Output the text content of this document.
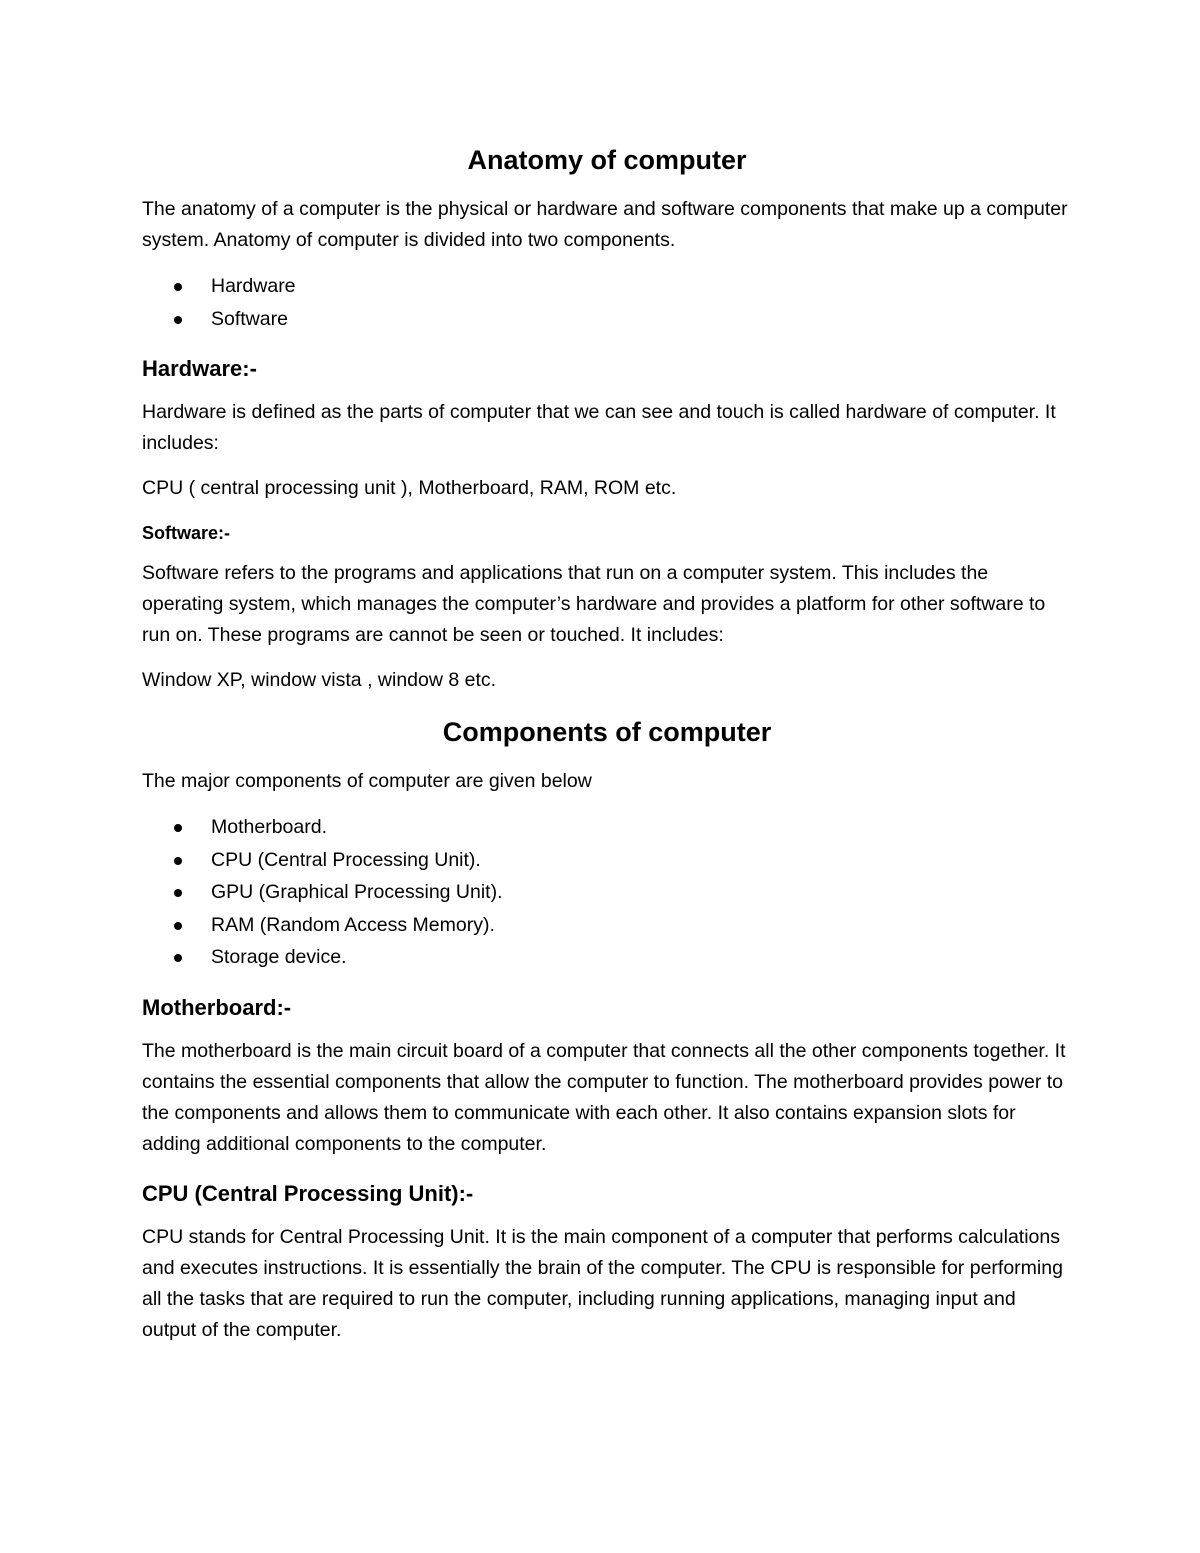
Anatomy of computer

The anatomy of a computer is the physical or hardware and software components that make up a computer system. Anatomy of computer is divided into two components.

Hardware
Software
Hardware:-

Hardware is defined as the parts of computer that we can see and touch is called hardware of computer. It includes:

CPU ( central processing unit ), Motherboard, RAM, ROM etc.

Software:-

Software refers to the programs and applications that run on a computer system. This includes the operating system, which manages the computer’s hardware and provides a platform for other software to run on. These programs are cannot be seen or touched. It includes:

Window XP, window vista , window 8 etc.

Components of computer

The major components of computer are given below

Motherboard.
CPU (Central Processing Unit).
GPU (Graphical Processing Unit).
RAM (Random Access Memory).
Storage device.
Motherboard:-

The motherboard is the main circuit board of a computer that connects all the other components together. It contains the essential components that allow the computer to function. The motherboard provides power to the components and allows them to communicate with each other. It also contains expansion slots for adding additional components to the computer.

CPU (Central Processing Unit):-

CPU stands for Central Processing Unit. It is the main component of a computer that performs calculations and executes instructions. It is essentially the brain of the computer. The CPU is responsible for performing all the tasks that are required to run the computer, including running applications, managing input and output of the computer.
